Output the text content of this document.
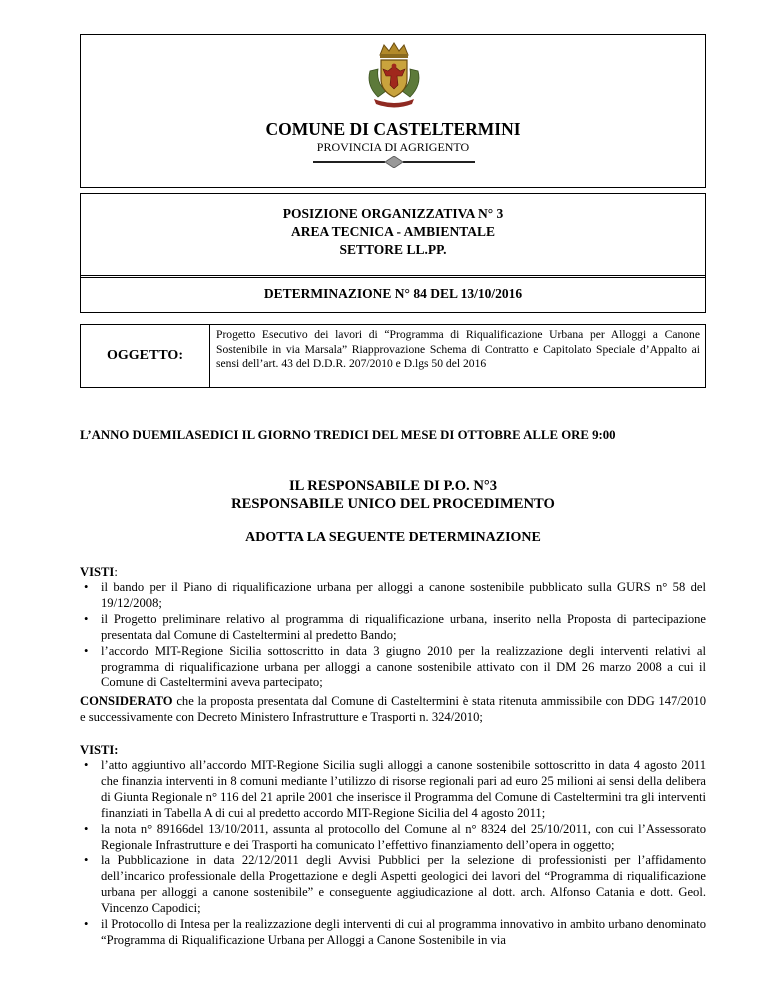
COMUNE DI CASTELTERMINI
PROVINCIA DI AGRIGENTO
POSIZIONE ORGANIZZATIVA N° 3
AREA TECNICA - AMBIENTALE
SETTORE LL.PP.
DETERMINAZIONE N° 84 DEL 13/10/2016
OGGETTO:
Progetto Esecutivo dei lavori di “Programma di Riqualificazione Urbana per Alloggi a Canone Sostenibile in via Marsala” Riapprovazione Schema di Contratto e Capitolato Speciale d’Appalto ai sensi dell’art. 43 del D.D.R. 207/2010 e D.lgs 50 del 2016
L’ANNO DUEMILASEDICI IL GIORNO TREDICI DEL MESE DI OTTOBRE ALLE ORE 9:00
IL RESPONSABILE DI P.O. N°3
RESPONSABILE UNICO DEL PROCEDIMENTO
ADOTTA LA SEGUENTE DETERMINAZIONE
VISTI:
• il bando per il Piano di riqualificazione urbana per alloggi a canone sostenibile pubblicato sulla GURS n° 58 del 19/12/2008;
• il Progetto preliminare relativo al programma di riqualificazione urbana, inserito nella Proposta di partecipazione presentata dal Comune di Casteltermini al predetto Bando;
• l’accordo MIT-Regione Sicilia sottoscritto in data 3 giugno 2010 per la realizzazione degli interventi relativi al programma di riqualificazione urbana per alloggi a canone sostenibile attivato con il DM 26 marzo 2008 a cui il Comune di Casteltermini aveva partecipato;
CONSIDERATO che la proposta presentata dal Comune di Casteltermini è stata ritenuta ammissibile con DDG 147/2010 e successivamente con Decreto Ministero Infrastrutture e Trasporti n. 324/2010;
VISTI:
• l’atto aggiuntivo all’accordo MIT-Regione Sicilia sugli alloggi a canone sostenibile sottoscritto in data 4 agosto 2011 che finanzia interventi in 8 comuni mediante l’utilizzo di risorse regionali pari ad euro 25 milioni ai sensi della delibera di Giunta Regionale n° 116 del 21 aprile 2001 che inserisce il Programma del Comune di Casteltermini tra gli interventi finanziati in Tabella A di cui al predetto accordo MIT-Regione Sicilia del 4 agosto 2011;
• la nota n° 89166del 13/10/2011, assunta al protocollo del Comune al n° 8324 del 25/10/2011, con cui l’Assessorato Regionale Infrastrutture e dei Trasporti ha comunicato l’effettivo finanziamento dell’opera in oggetto;
• la Pubblicazione in data 22/12/2011 degli Avvisi Pubblici per la selezione di professionisti per l’affidamento dell’incarico professionale della Progettazione e degli Aspetti geologici dei lavori del “Programma di riqualificazione urbana per alloggi a canone sostenibile” e conseguente aggiudicazione al dott. arch. Alfonso Catania e dott. Geol. Vincenzo Capodici;
• il Protocollo di Intesa per la realizzazione degli interventi di cui al programma innovativo in ambito urbano denominato “Programma di Riqualificazione Urbana per Alloggi a Canone Sostenibile in via
